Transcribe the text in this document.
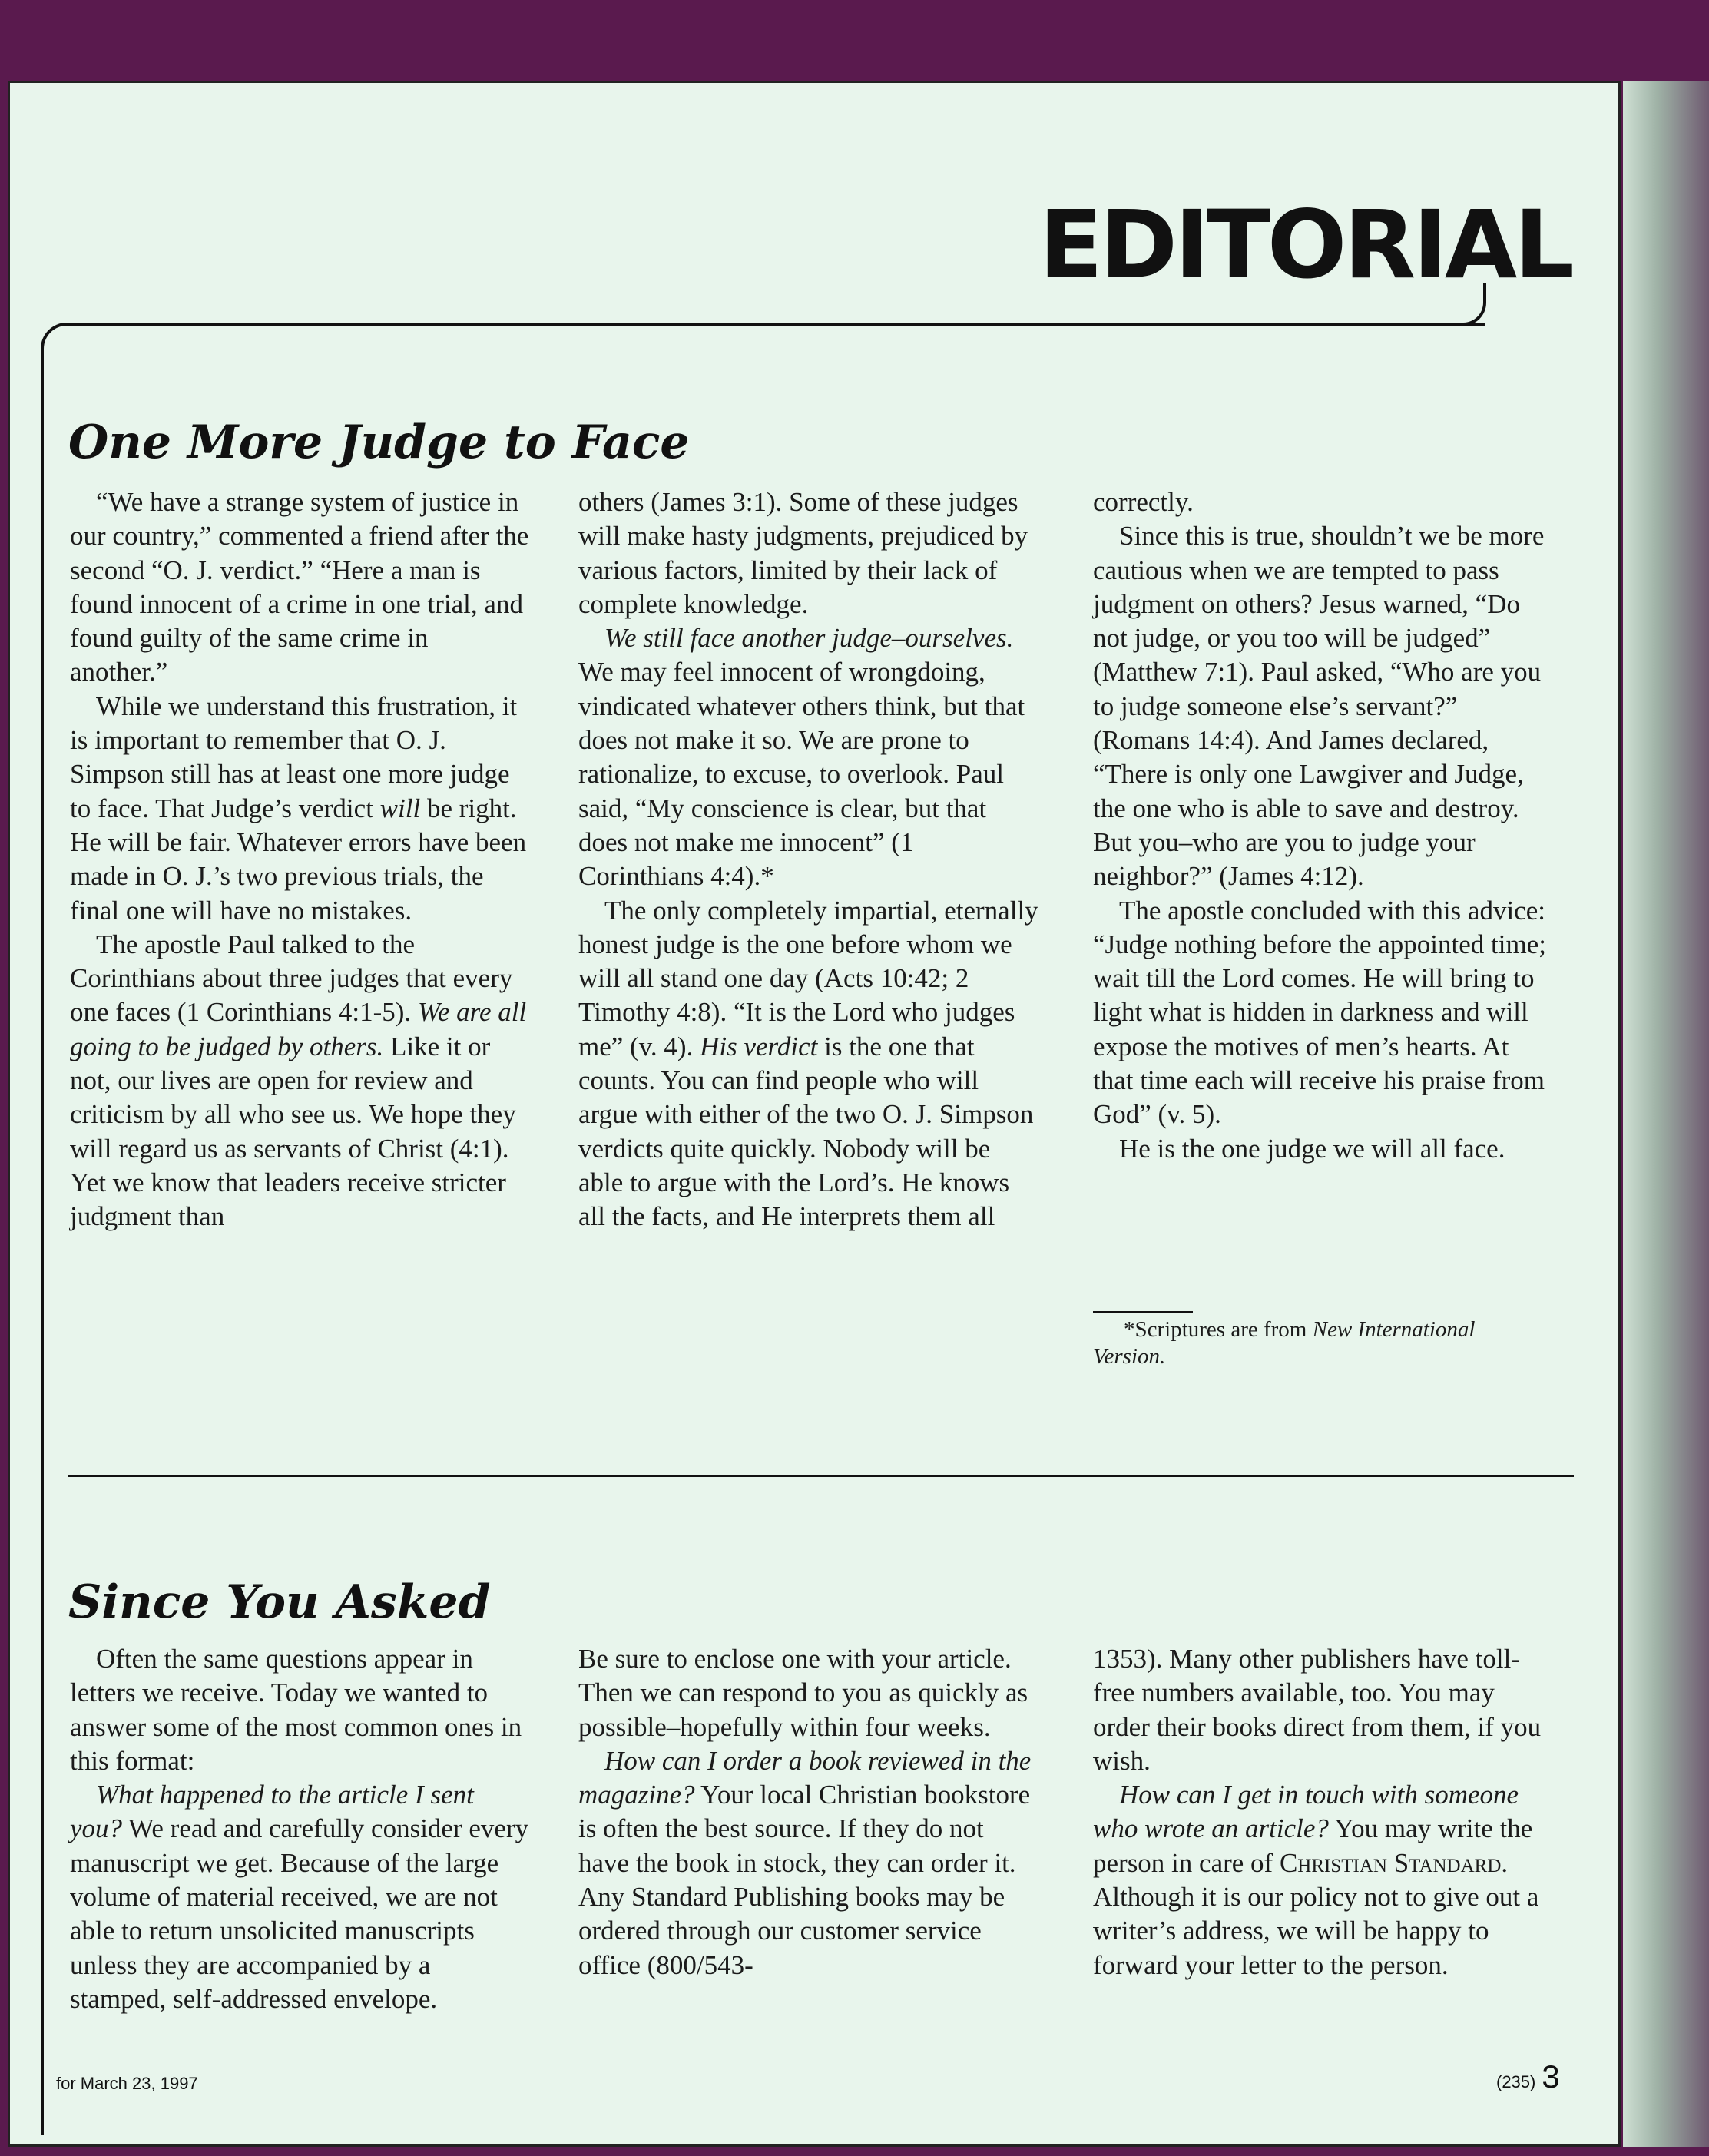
EDITORIAL
One More Judge to Face

“We have a strange system of justice in our country,” commented a friend after the second “O. J. verdict.” “Here a man is found innocent of a crime in one trial, and found guilty of the same crime in another.”

While we understand this frustration, it is important to remember that O. J. Simpson still has at least one more judge to face. That Judge’s verdict will be right. He will be fair. Whatever errors have been made in O. J.’s two previous trials, the final one will have no mistakes.

The apostle Paul talked to the Corinthians about three judges that every one faces (1 Corinthians 4:1-5). We are all going to be judged by others. Like it or not, our lives are open for review and criticism by all who see us. We hope they will regard us as servants of Christ (4:1). Yet we know that leaders receive stricter judgment than

others (James 3:1). Some of these judges will make hasty judgments, prejudiced by various factors, limited by their lack of complete knowledge.

We still face another judge–ourselves. We may feel innocent of wrongdoing, vindicated whatever others think, but that does not make it so. We are prone to rationalize, to excuse, to overlook. Paul said, “My conscience is clear, but that does not make me innocent” (1 Corinthians 4:4).*

The only completely impartial, eternally honest judge is the one before whom we will all stand one day (Acts 10:42; 2 Timothy 4:8). “It is the Lord who judges me” (v. 4). His verdict is the one that counts. You can find people who will argue with either of the two O. J. Simpson verdicts quite quickly. Nobody will be able to argue with the Lord’s. He knows all the facts, and He interprets them all

correctly.

Since this is true, shouldn’t we be more cautious when we are tempted to pass judgment on others? Jesus warned, “Do not judge, or you too will be judged” (Matthew 7:1). Paul asked, “Who are you to judge someone else’s servant?” (Romans 14:4). And James declared, “There is only one Lawgiver and Judge, the one who is able to save and destroy. But you–who are you to judge your neighbor?” (James 4:12).

The apostle concluded with this advice: “Judge nothing before the appointed time; wait till the Lord comes. He will bring to light what is hidden in darkness and will expose the motives of men’s hearts. At that time each will receive his praise from God” (v. 5).

He is the one judge we will all face.

*Scriptures are from New International Version.
Since You Asked

Often the same questions appear in letters we receive. Today we wanted to answer some of the most common ones in this format:

What happened to the article I sent you? We read and carefully consider every manuscript we get. Because of the large volume of material received, we are not able to return unsolicited manuscripts unless they are accompanied by a stamped, self-addressed envelope.

Be sure to enclose one with your article. Then we can respond to you as quickly as possible–hopefully within four weeks.

How can I order a book reviewed in the magazine? Your local Christian bookstore is often the best source. If they do not have the book in stock, they can order it. Any Standard Publishing books may be ordered through our customer service office (800/543-

1353). Many other publishers have toll-free numbers available, too. You may order their books direct from them, if you wish.

How can I get in touch with someone who wrote an article? You may write the person in care of Christian Standard. Although it is our policy not to give out a writer’s address, we will be happy to forward your letter to the person.

for March 23, 1997	(235) 3
